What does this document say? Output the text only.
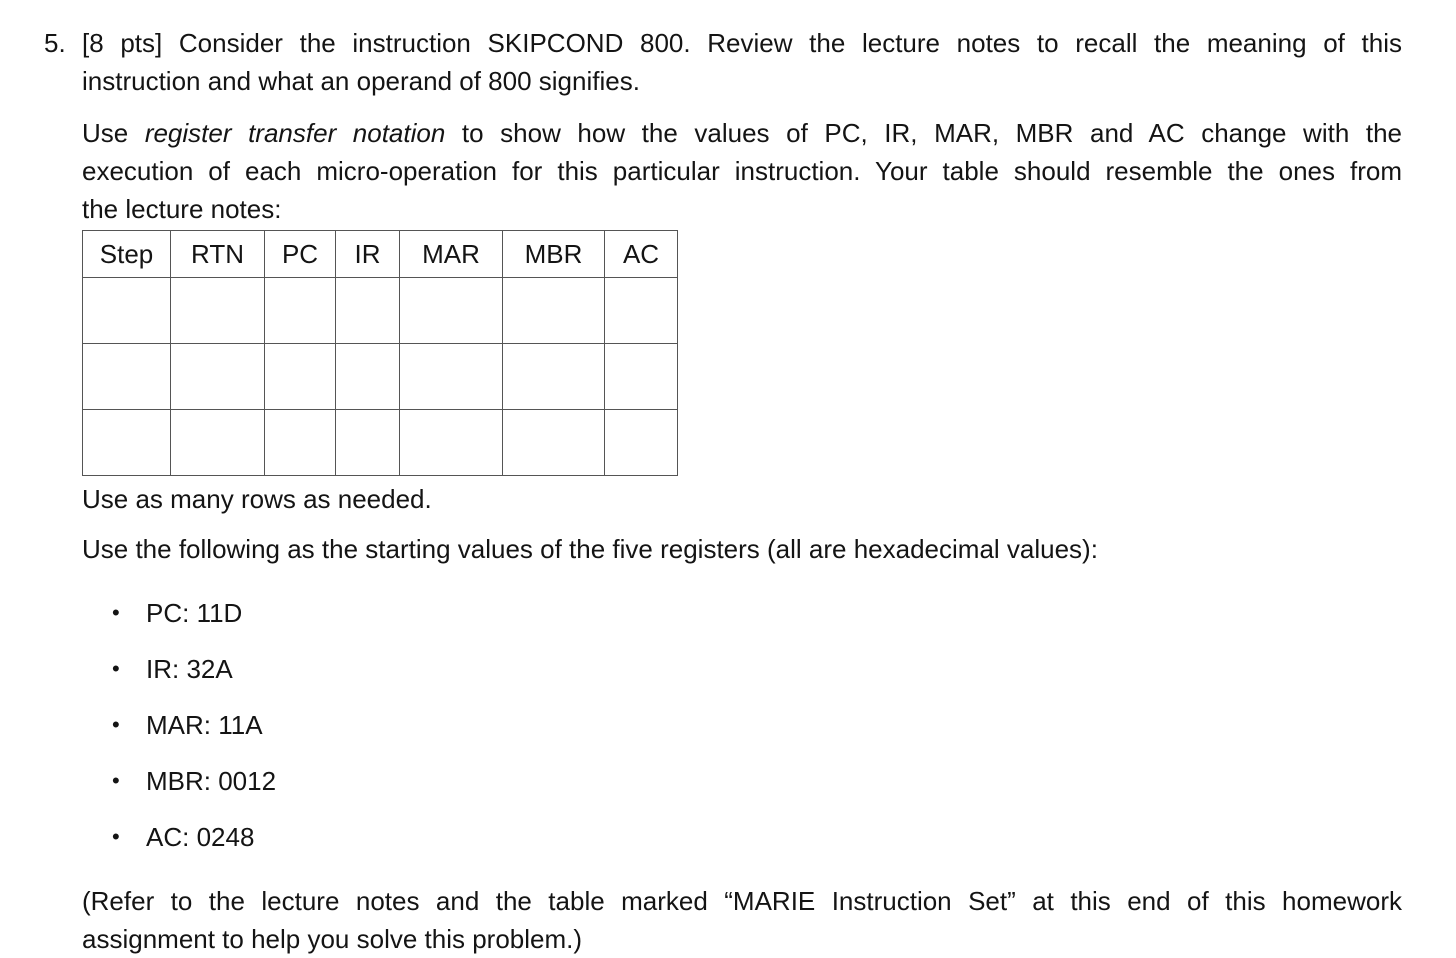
5. [8 pts] Consider the instruction SKIPCOND 800. Review the lecture notes to recall the meaning of this
instruction and what an operand of 800 signifies.
Use register transfer notation to show how the values of PC, IR, MAR, MBR and AC change with the
execution of each micro-operation for this particular instruction. Your table should resemble the ones from
the lecture notes:
Step	RTN	PC	IR	MAR	MBR	AC

Use as many rows as needed.
Use the following as the starting values of the five registers (all are hexadecimal values):
•	PC: 11D
•	IR: 32A
•	MAR: 11A
•	MBR: 0012
•	AC: 0248
(Refer to the lecture notes and the table marked “MARIE Instruction Set” at this end of this homework
assignment to help you solve this problem.)
